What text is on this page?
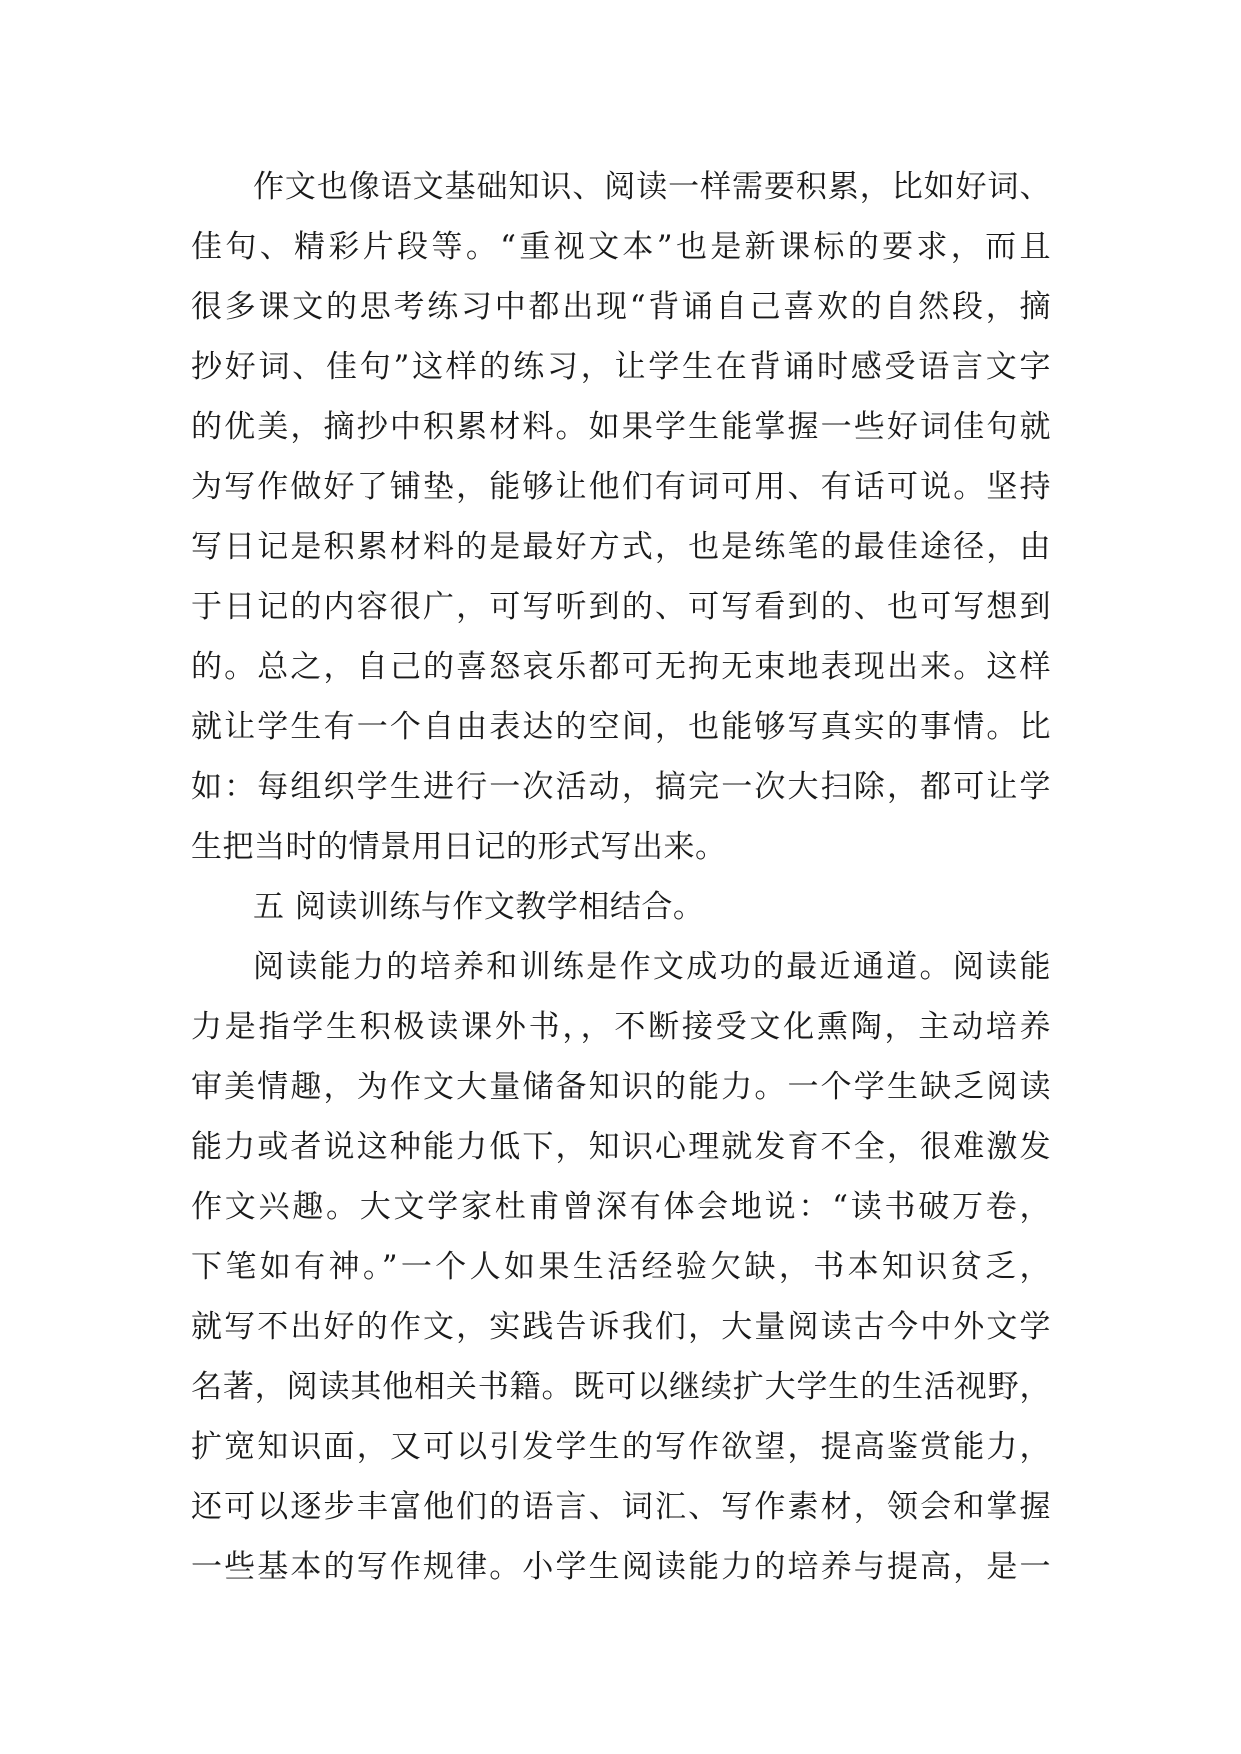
作文也像语文基础知识、阅读一样需要积累，比如好词、
佳句、精彩片段等。“重视文本”也是新课标的要求，而且
很多课文的思考练习中都出现“背诵自己喜欢的自然段，摘
抄好词、佳句”这样的练习，让学生在背诵时感受语言文字
的优美，摘抄中积累材料。如果学生能掌握一些好词佳句就
为写作做好了铺垫，能够让他们有词可用、有话可说。坚持
写日记是积累材料的是最好方式，也是练笔的最佳途径，由
于日记的内容很广，可写听到的、可写看到的、也可写想到
的。总之，自己的喜怒哀乐都可无拘无束地表现出来。这样
就让学生有一个自由表达的空间，也能够写真实的事情。比
如：每组织学生进行一次活动，搞完一次大扫除，都可让学
生把当时的情景用日记的形式写出来。
五 阅读训练与作文教学相结合。
阅读能力的培养和训练是作文成功的最近通道。阅读能
力是指学生积极读课外书，，不断接受文化熏陶，主动培养
审美情趣，为作文大量储备知识的能力。一个学生缺乏阅读
能力或者说这种能力低下，知识心理就发育不全，很难激发
作文兴趣。大文学家杜甫曾深有体会地说：“读书破万卷，
下笔如有神。”一个人如果生活经验欠缺，书本知识贫乏，
就写不出好的作文，实践告诉我们，大量阅读古今中外文学
名著，阅读其他相关书籍。既可以继续扩大学生的生活视野，
扩宽知识面，又可以引发学生的写作欲望，提高鉴赏能力，
还可以逐步丰富他们的语言、词汇、写作素材，领会和掌握
一些基本的写作规律。小学生阅读能力的培养与提高，是一
